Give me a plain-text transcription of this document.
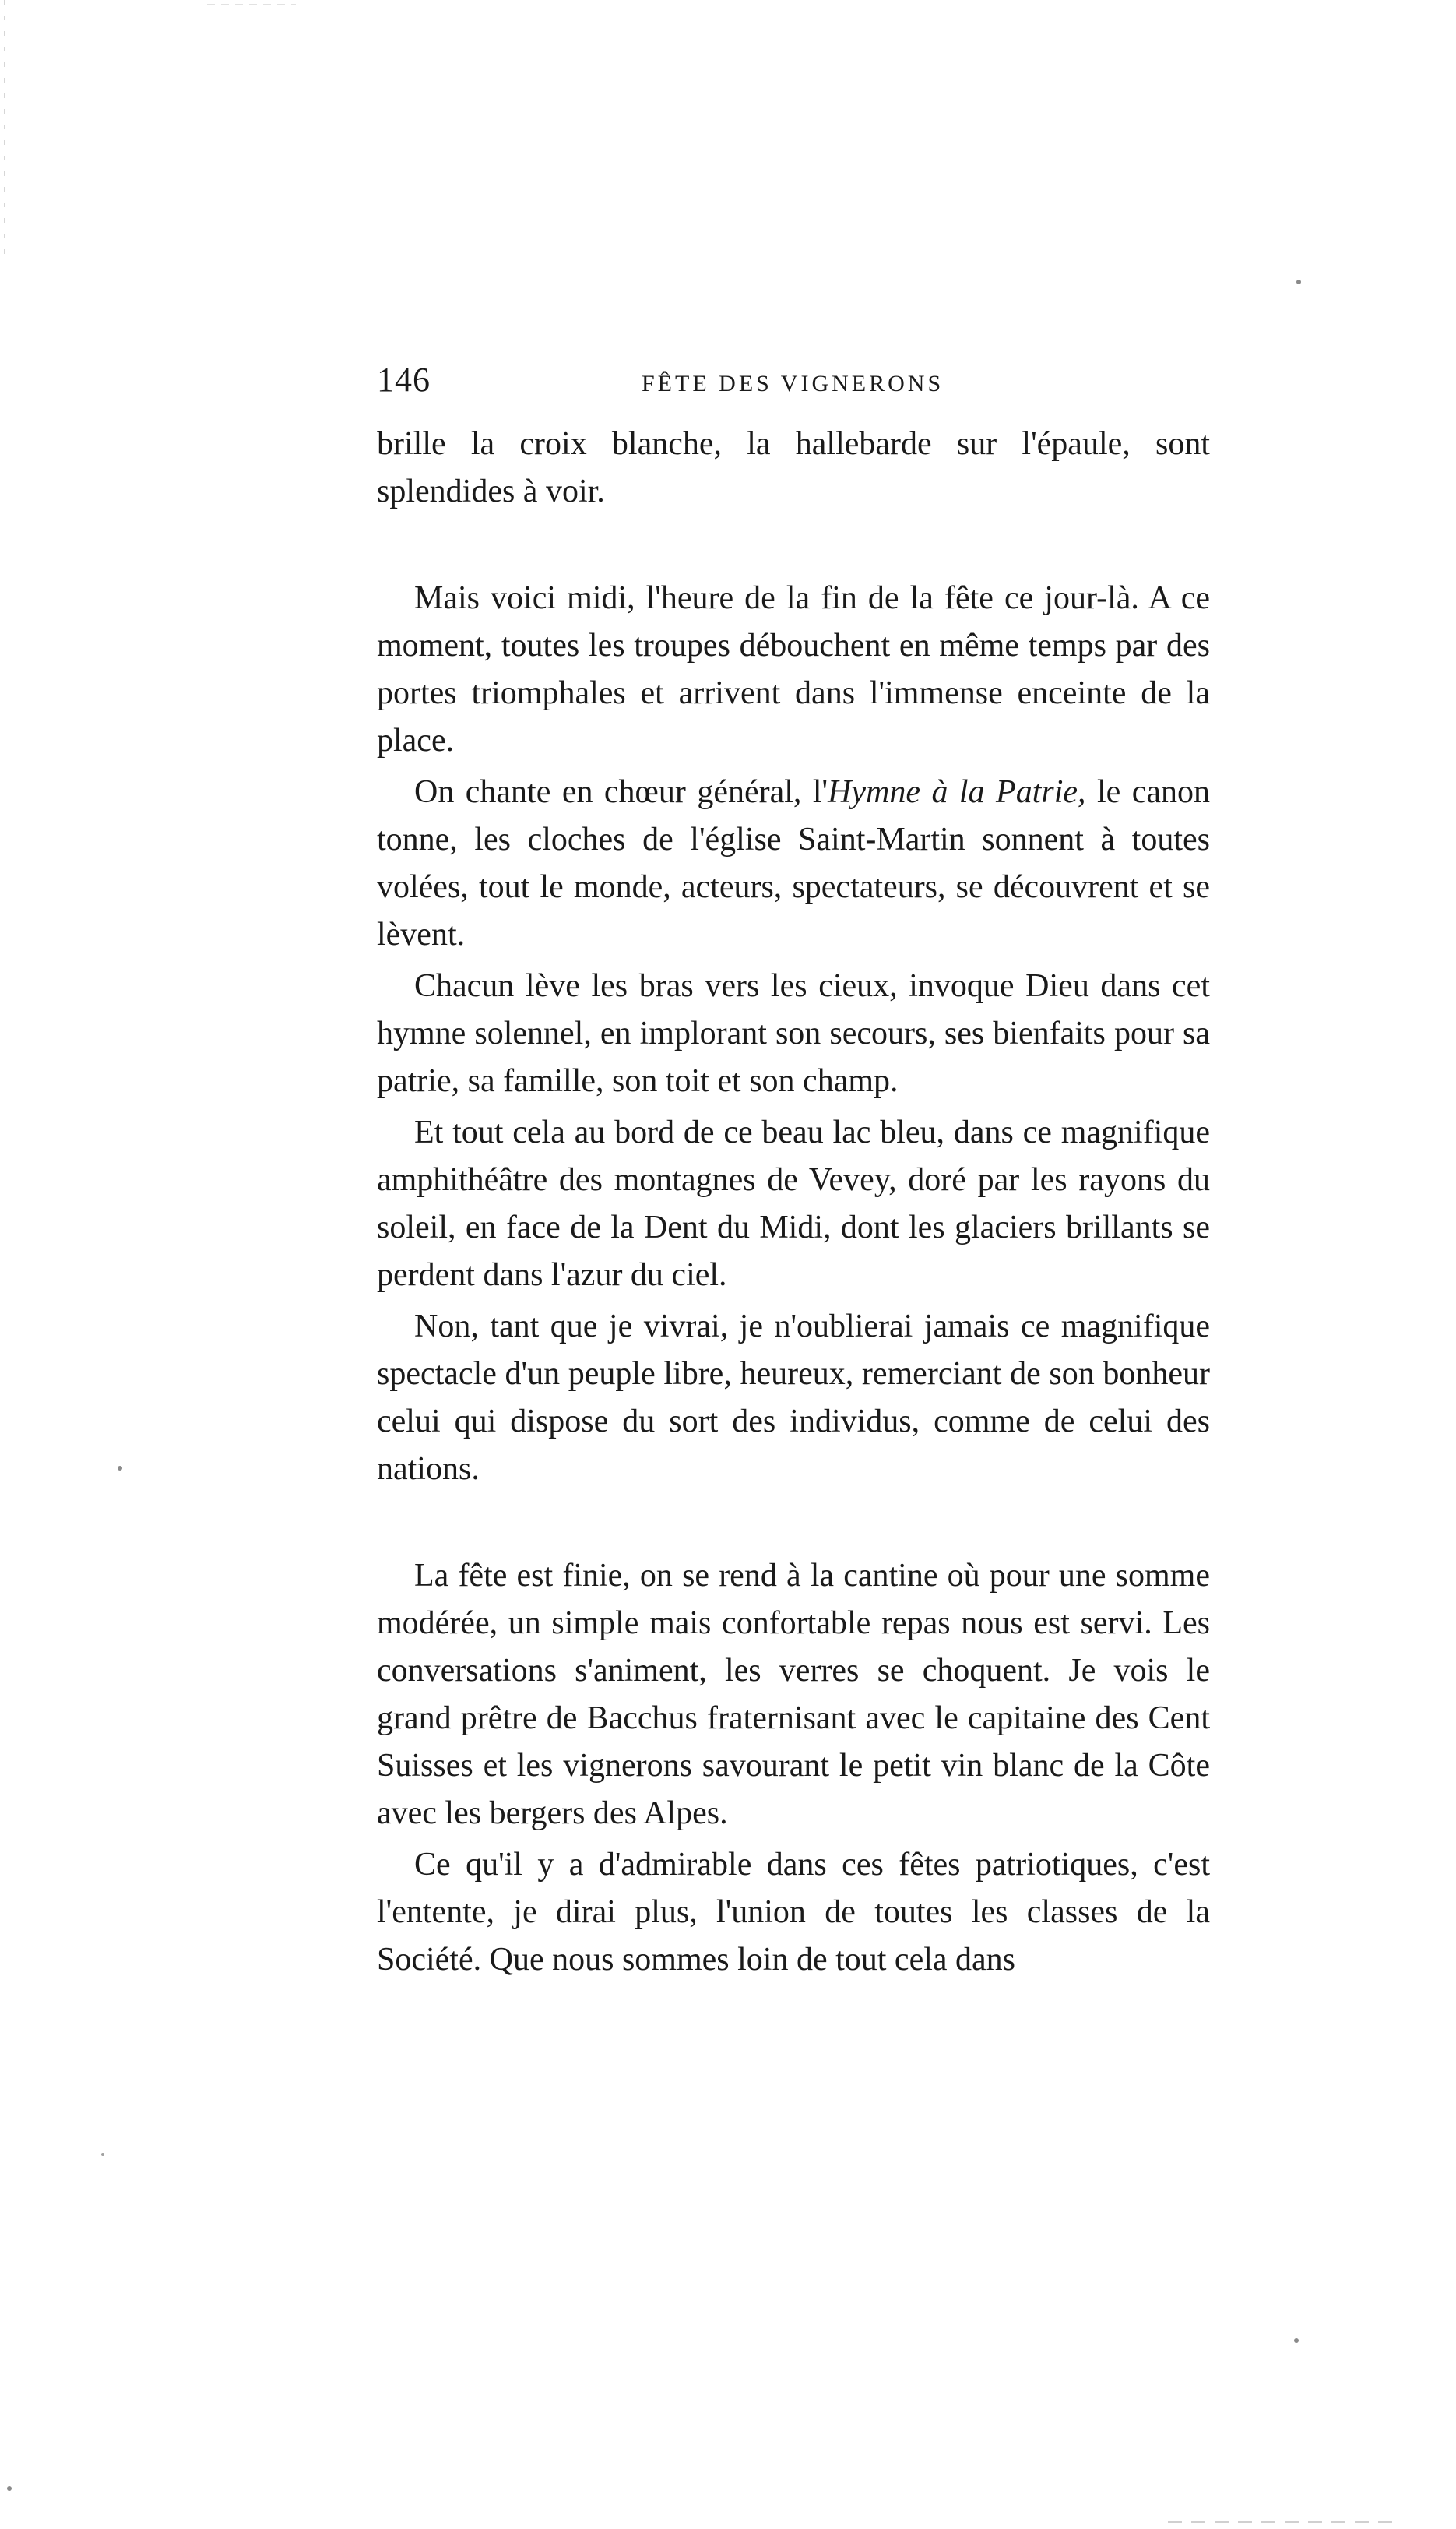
146	FÊTE DES VIGNERONS

brille la croix blanche, la hallebarde sur l'épaule, sont splendides à voir.

Mais voici midi, l'heure de la fin de la fête ce jour-là. A ce moment, toutes les troupes débouchent en même temps par des portes triomphales et arrivent dans l'immense enceinte de la place.

On chante en chœur général, l'Hymne à la Patrie, le canon tonne, les cloches de l'église Saint-Martin sonnent à toutes volées, tout le monde, acteurs, spectateurs, se découvrent et se lèvent.

Chacun lève les bras vers les cieux, invoque Dieu dans cet hymne solennel, en implorant son secours, ses bienfaits pour sa patrie, sa famille, son toit et son champ.

Et tout cela au bord de ce beau lac bleu, dans ce magnifique amphithéâtre des montagnes de Vevey, doré par les rayons du soleil, en face de la Dent du Midi, dont les glaciers brillants se perdent dans l'azur du ciel.

Non, tant que je vivrai, je n'oublierai jamais ce magnifique spectacle d'un peuple libre, heureux, remerciant de son bonheur celui qui dispose du sort des individus, comme de celui des nations.

La fête est finie, on se rend à la cantine où pour une somme modérée, un simple mais confortable repas nous est servi. Les conversations s'animent, les verres se choquent. Je vois le grand prêtre de Bacchus fraternisant avec le capitaine des Cent Suisses et les vignerons savourant le petit vin blanc de la Côte avec les bergers des Alpes.

Ce qu'il y a d'admirable dans ces fêtes patriotiques, c'est l'entente, je dirai plus, l'union de toutes les classes de la Société. Que nous sommes loin de tout cela dans
